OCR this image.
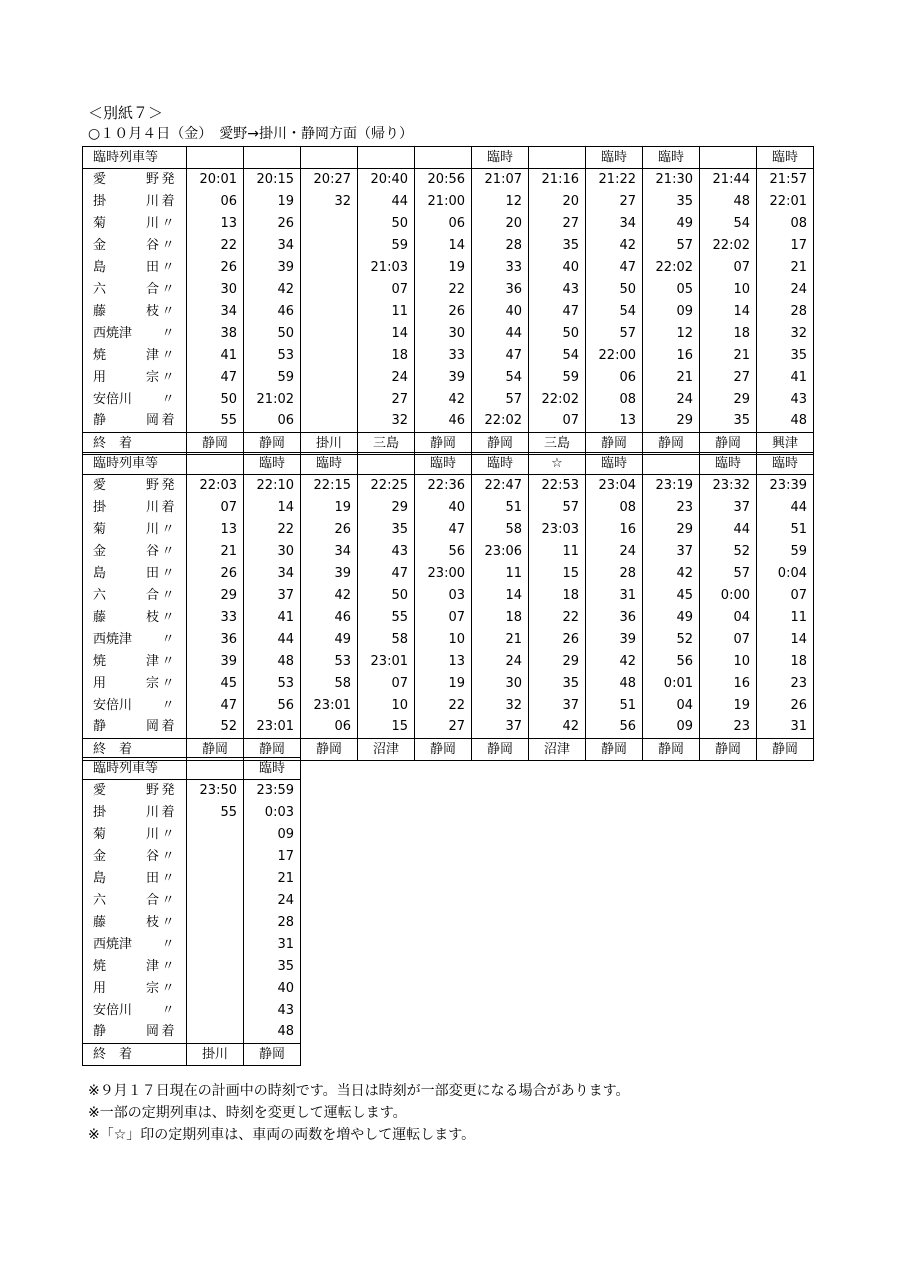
＜別紙７＞
○１０月４日（金）　愛野→掛川・静岡方面（帰り）
臨時列車等						臨時		臨時	臨時		臨時

愛 野 発	20:01	20:15	20:27	20:40	20:56	21:07	21:16	21:22	21:30	21:44	21:57

掛 川 着	06	19	32	44	21:00	12	20	27	35	48	22:01

菊 川 〃	13	26		50	06	20	27	34	49	54	08

金 谷 〃	22	34		59	14	28	35	42	57	22:02	17

島 田 〃	26	39		21:03	19	33	40	47	22:02	07	21

六 合 〃	30	42		07	22	36	43	50	05	10	24

藤 枝 〃	34	46		11	26	40	47	54	09	14	28

西焼津 〃	38	50		14	30	44	50	57	12	18	32

焼 津 〃	41	53		18	33	47	54	22:00	16	21	35

用 宗 〃	47	59		24	39	54	59	06	21	27	41

安倍川 〃	50	21:02		27	42	57	22:02	08	24	29	43

静 岡 着	55	06		32	46	22:02	07	13	29	35	48
終　着	静岡	静岡	掛川	三島	静岡	静岡	三島	静岡	静岡	静岡	興津
臨時列車等		臨時	臨時		臨時	臨時	☆	臨時		臨時	臨時

愛 野 発	22:03	22:10	22:15	22:25	22:36	22:47	22:53	23:04	23:19	23:32	23:39

掛 川 着	07	14	19	29	40	51	57	08	23	37	44

菊 川 〃	13	22	26	35	47	58	23:03	16	29	44	51

金 谷 〃	21	30	34	43	56	23:06	11	24	37	52	59

島 田 〃	26	34	39	47	23:00	11	15	28	42	57	0:04

六 合 〃	29	37	42	50	03	14	18	31	45	0:00	07

藤 枝 〃	33	41	46	55	07	18	22	36	49	04	11

西焼津 〃	36	44	49	58	10	21	26	39	52	07	14

焼 津 〃	39	48	53	23:01	13	24	29	42	56	10	18

用 宗 〃	45	53	58	07	19	30	35	48	0:01	16	23

安倍川 〃	47	56	23:01	10	22	32	37	51	04	19	26

静 岡 着	52	23:01	06	15	27	37	42	56	09	23	31
終　着	静岡	静岡	静岡	沼津	静岡	静岡	沼津	静岡	静岡	静岡	静岡
臨時列車等		臨時

愛 野 発	23:50	23:59

掛 川 着	55	0:03

菊 川 〃		09

金 谷 〃		17

島 田 〃		21

六 合 〃		24

藤 枝 〃		28

西焼津 〃		31

焼 津 〃		35

用 宗 〃		40

安倍川 〃		43

静 岡 着		48
終　着	掛川	静岡
※９月１７日現在の計画中の時刻です。当日は時刻が一部変更になる場合があります。
※一部の定期列車は、時刻を変更して運転します。
※「☆」印の定期列車は、車両の両数を増やして運転します。
